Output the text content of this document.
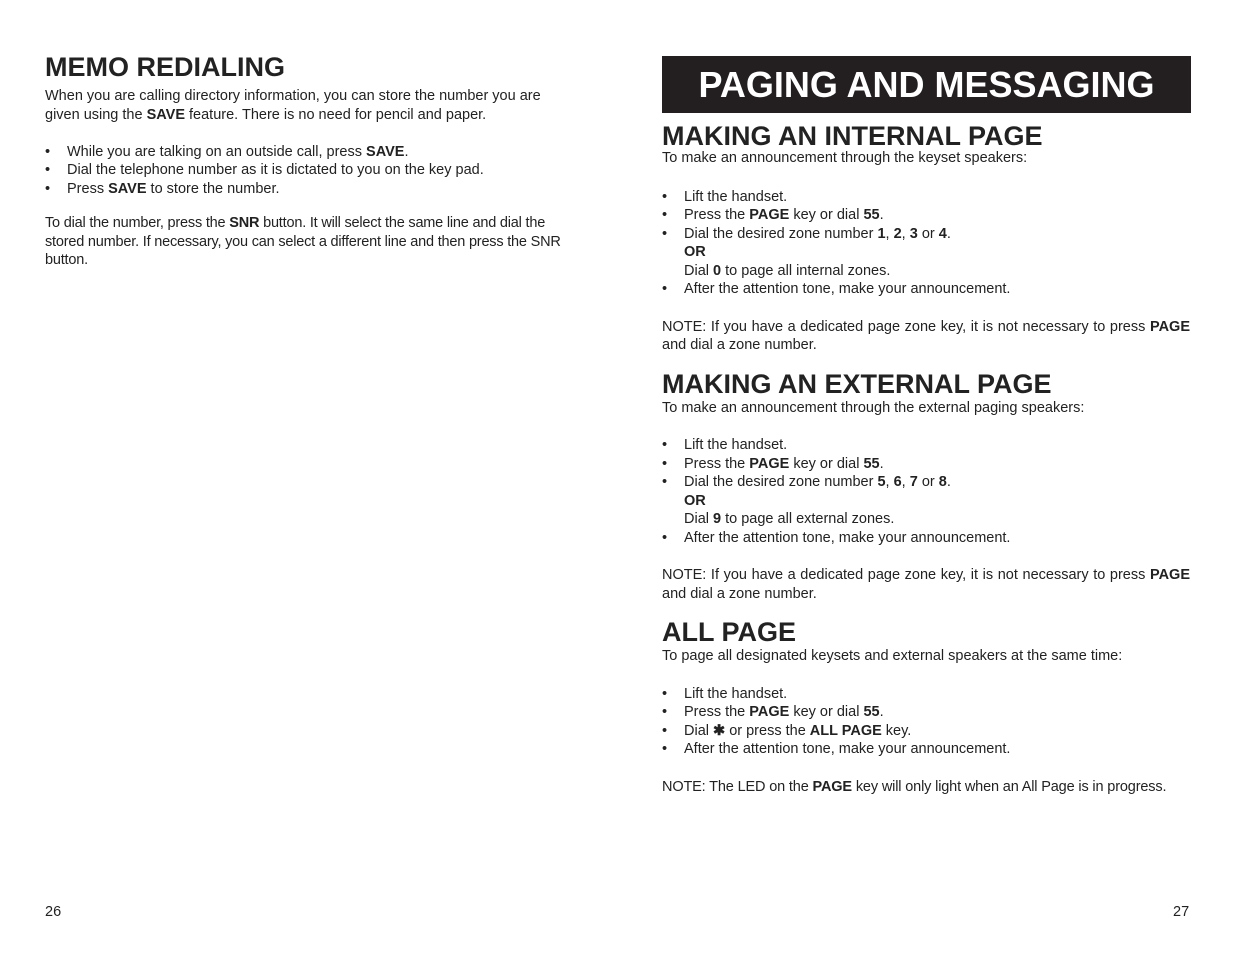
MEMO REDIALING

When you are calling directory information, you can store the number you are given using the SAVE feature. There is no need for pencil and paper.

• While you are talking on an outside call, press SAVE.
• Dial the telephone number as it is dictated to you on the key pad.
• Press SAVE to store the number.

To dial the number, press the SNR button. It will select the same line and dial the stored number. If necessary, you can select a different line and then press the SNR button.

26
PAGING AND MESSAGING
MAKING AN INTERNAL PAGE

To make an announcement through the keyset speakers:

• Lift the handset.
• Press the PAGE key or dial 55.
• Dial the desired zone number 1, 2, 3 or 4.

OR

Dial 0 to page all internal zones.

• After the attention tone, make your announcement.

NOTE: If you have a dedicated page zone key, it is not necessary to press PAGE and dial a zone number.

MAKING AN EXTERNAL PAGE

To make an announcement through the external paging speakers:

• Lift the handset.
• Press the PAGE key or dial 55.
• Dial the desired zone number 5, 6, 7 or 8.

OR

Dial 9 to page all external zones.

• After the attention tone, make your announcement.

NOTE: If you have a dedicated page zone key, it is not necessary to press PAGE and dial a zone number.

ALL PAGE

To page all designated keysets and external speakers at the same time:

• Lift the handset.
• Press the PAGE key or dial 55.
• Dial ✱ or press the ALL PAGE key.
• After the attention tone, make your announcement.

NOTE: The LED on the PAGE key will only light when an All Page is in progress.

27
